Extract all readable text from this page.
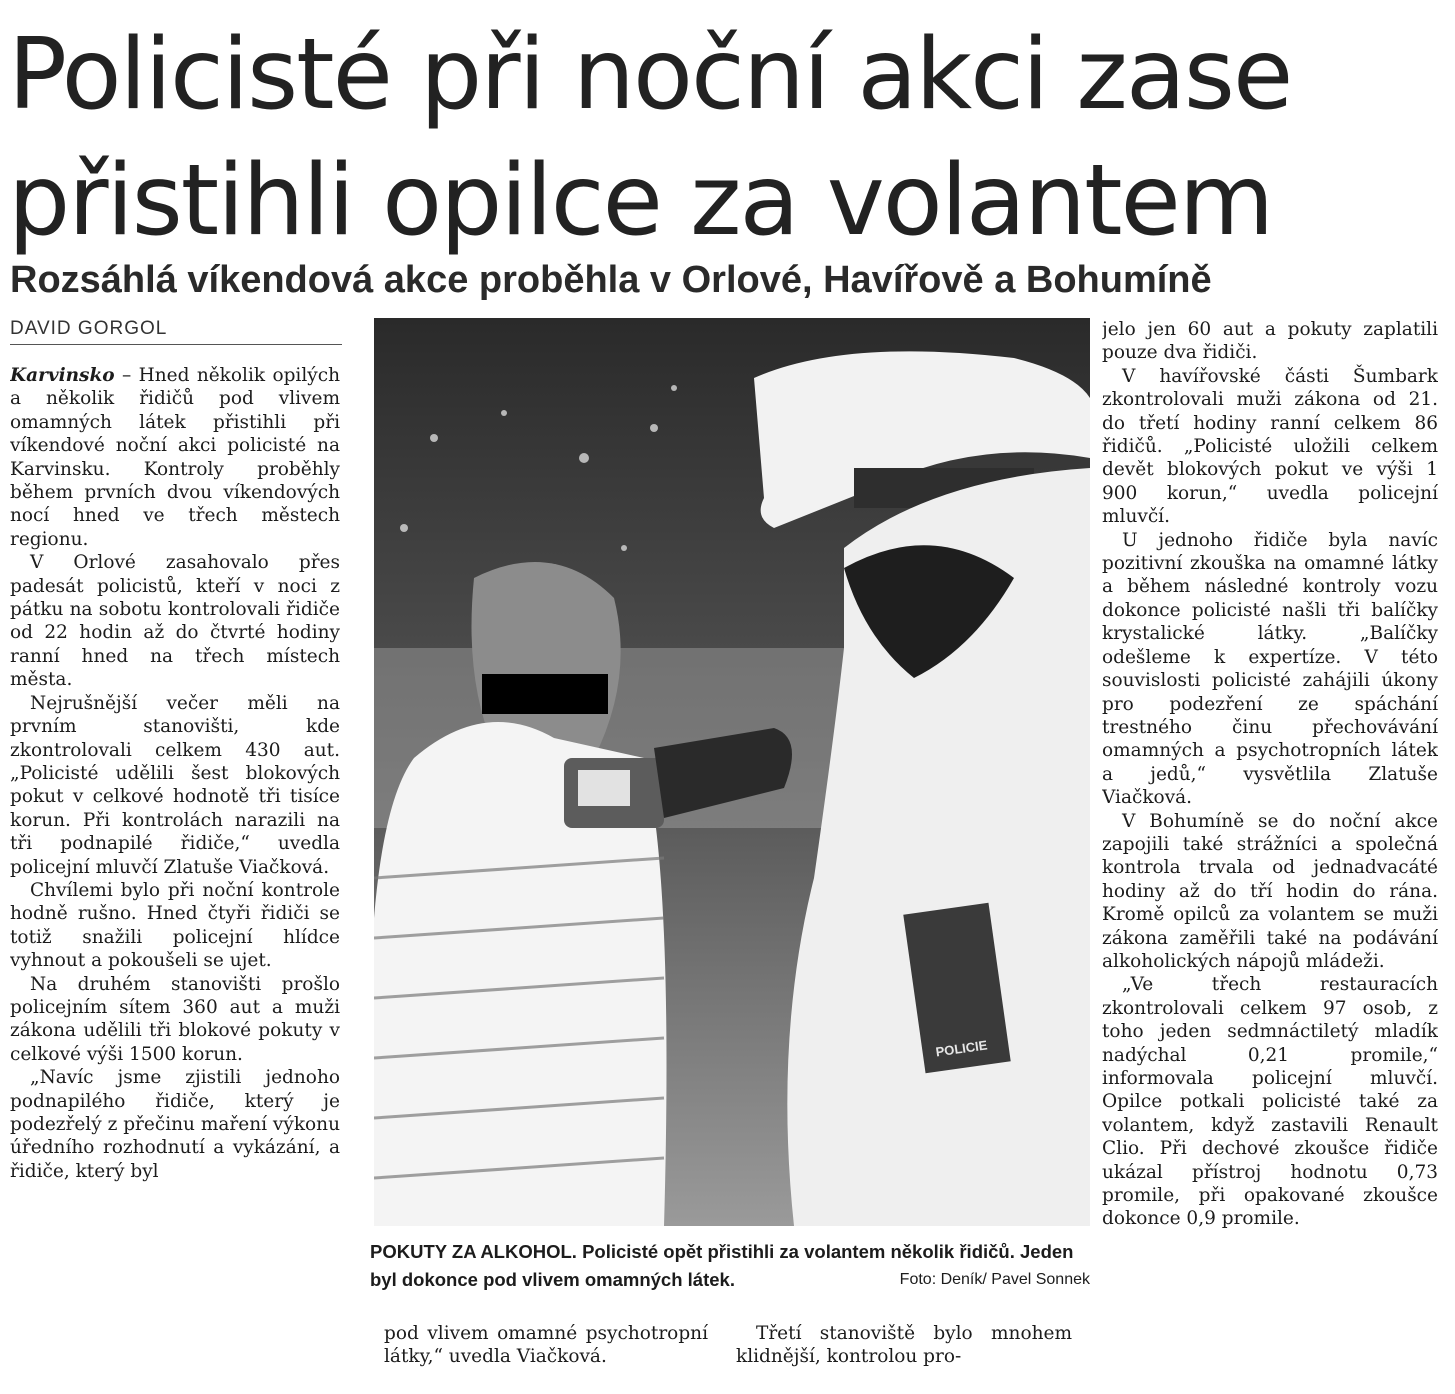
Policisté při noční akci zase přistihli opilce za volantem
Rozsáhlá víkendová akce proběhla v Orlové, Havířově a Bohumíně
DAVID GORGOL

Karvinsko – Hned několik opilých a několik řidičů pod vlivem omamných látek přistihli při víkendové noční akci policisté na Karvinsku. Kontroly proběhly během prvních dvou víkendových nocí hned ve třech městech regionu.

V Orlové zasahovalo přes padesát policistů, kteří v noci z pátku na sobotu kontrolovali řidiče od 22 hodin až do čtvrté hodiny ranní hned na třech místech města.

Nejrušnější večer měli na prvním stanovišti, kde zkontrolovali celkem 430 aut. „Policisté udělili šest blokových pokut v celkové hodnotě tři tisíce korun. Při kontrolách narazili na tři podnapilé řidiče,“ uvedla policejní mluvčí Zlatuše Viačková.

Chvílemi bylo při noční kontrole hodně rušno. Hned čtyři řidiči se totiž snažili policejní hlídce vyhnout a pokoušeli se ujet.

Na druhém stanovišti prošlo policejním sítem 360 aut a muži zákona udělili tři blokové pokuty v celkové výši 1500 korun.

„Navíc jsme zjistili jednoho podnapilého řidiče, který je podezřelý z přečinu maření výkonu úředního rozhodnutí a vykázání, a řidiče, který byl

POLICIE

POKUTY ZA ALKOHOL. Policisté opět přistihli za volantem několik řidičů. Jeden byl dokonce pod vlivem omamných látek.	Foto: Deník/ Pavel Sonnek

pod vlivem omamné psychotropní látky,“ uvedla Viačková.

Třetí stanoviště bylo mnohem klidnější, kontrolou pro-

jelo jen 60 aut a pokuty zaplatili pouze dva řidiči.

V havířovské části Šumbark zkontrolovali muži zákona od 21. do třetí hodiny ranní celkem 86 řidičů. „Policisté uložili celkem devět blokových pokut ve výši 1 900 korun,“ uvedla policejní mluvčí.

U jednoho řidiče byla navíc pozitivní zkouška na omamné látky a během následné kontroly vozu dokonce policisté našli tři balíčky krystalické látky. „Balíčky odešleme k expertíze. V této souvislosti policisté zahájili úkony pro podezření ze spáchání trestného činu přechovávání omamných a psychotropních látek a jedů,“ vysvětlila Zlatuše Viačková.

V Bohumíně se do noční akce zapojili také strážníci a společná kontrola trvala od jednadvacáté hodiny až do tří hodin do rána. Kromě opilců za volantem se muži zákona zaměřili také na podávání alkoholických nápojů mládeži.

„Ve třech restauracích zkontrolovali celkem 97 osob, z toho jeden sedmnáctiletý mladík nadýchal 0,21 promile,“ informovala policejní mluvčí. Opilce potkali policisté také za volantem, když zastavili Renault Clio. Při dechové zkoušce řidiče ukázal přístroj hodnotu 0,73 promile, při opakované zkoušce dokonce 0,9 promile.
